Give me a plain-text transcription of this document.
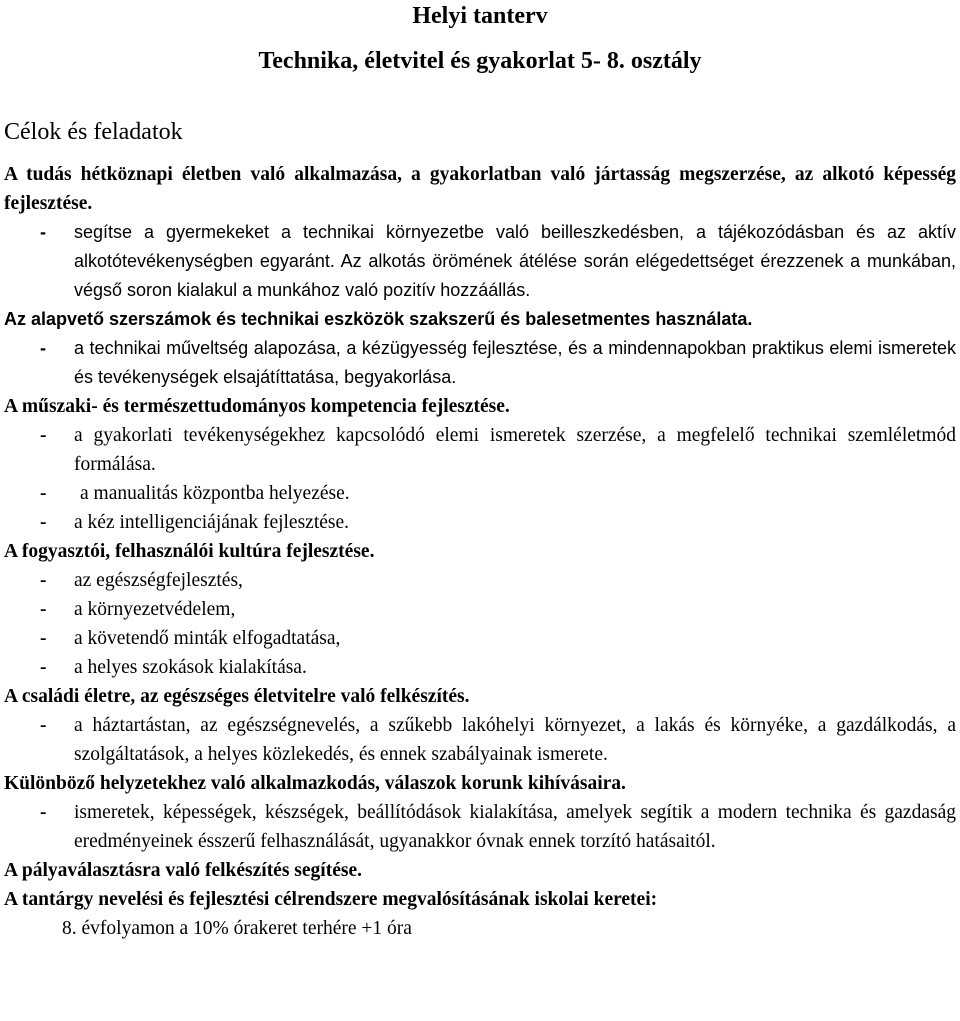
Helyi tanterv
Technika, életvitel és gyakorlat 5- 8. osztály
Célok és feladatok
A tudás hétköznapi életben való alkalmazása, a gyakorlatban való jártasság megszerzése, az alkotó képesség fejlesztése.
- segítse a gyermekeket a technikai környezetbe való beilleszkedésben, a tájékozódásban és az aktív alkotótevékenységben egyaránt. Az alkotás örömének átélése során elégedettséget érezzenek a munkában, végső soron kialakul a munkához való pozitív hozzáállás.
Az alapvető szerszámok és technikai eszközök szakszerű és balesetmentes használata.
- a technikai műveltség alapozása, a kézügyesség fejlesztése, és a mindennapokban praktikus elemi ismeretek és tevékenységek elsajátíttatása, begyakorlása.
A műszaki- és természettudományos kompetencia fejlesztése.
- a gyakorlati tevékenységekhez kapcsolódó elemi ismeretek szerzése, a megfelelő technikai szemléletmód formálása.
- a manualitás központba helyezése.
- a kéz intelligenciájának fejlesztése.
A fogyasztói, felhasználói kultúra fejlesztése.
- az egészségfejlesztés,
- a környezetvédelem,
- a követendő minták elfogadtatása,
- a helyes szokások kialakítása.
A családi életre, az egészséges életvitelre való felkészítés.
- a háztartástan, az egészségnevelés, a szűkebb lakóhelyi környezet, a lakás és környéke, a gazdálkodás, a szolgáltatások, a helyes közlekedés, és ennek szabályainak ismerete.
Különböző helyzetekhez való alkalmazkodás, válaszok korunk kihívásaira.
- ismeretek, képességek, készségek, beállítódások kialakítása, amelyek segítik a modern technika és gazdaság eredményeinek ésszerű felhasználását, ugyanakkor óvnak ennek torzító hatásaitól.
A pályaválasztásra való felkészítés segítése.
A tantárgy nevelési és fejlesztési célrendszere megvalósításának iskolai keretei:
8. évfolyamon a 10% órakeret terhére +1 óra
